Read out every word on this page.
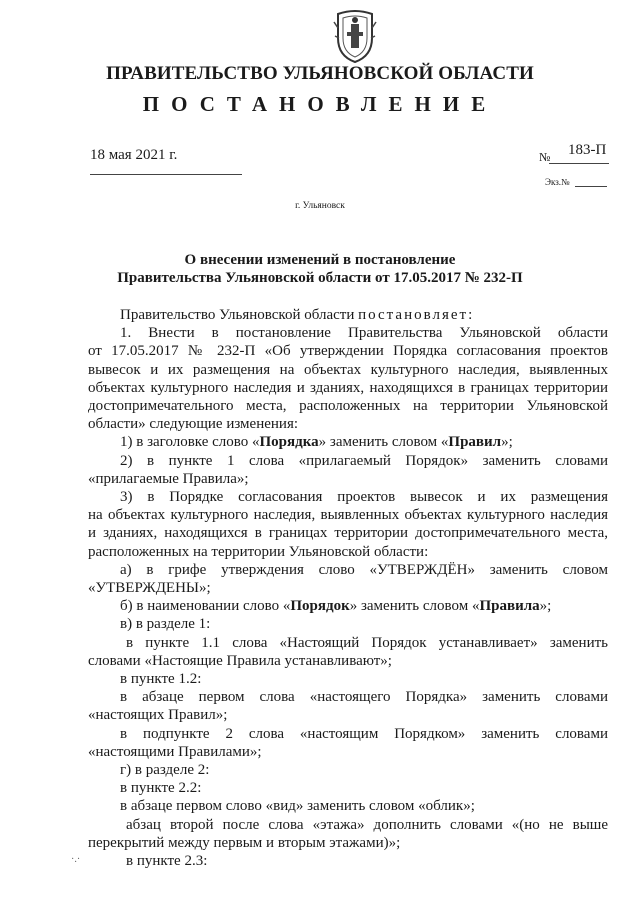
ПРАВИТЕЛЬСТВО УЛЬЯНОВСКОЙ ОБЛАСТИ
ПОСТАНОВЛЕНИЕ
18 мая 2021 г.	№ 183-П
Экз.№
г. Ульяновск
О внесении изменений в постановление
Правительства Ульяновской области от 17.05.2017 № 232-П
Правительство Ульяновской области постановляет:
1. Внести в постановление Правительства Ульяновской области
от 17.05.2017 № 232-П «Об утверждении Порядка согласования проектов
вывесок и их размещения на объектах культурного наследия, выявленных
объектах культурного наследия и зданиях, находящихся в границах территории
достопримечательного места, расположенных на территории Ульяновской
области» следующие изменения:
1) в заголовке слово «Порядка» заменить словом «Правил»;
2) в пункте 1 слова «прилагаемый Порядок» заменить словами
«прилагаемые Правила»;
3) в Порядке согласования проектов вывесок и их размещения
на объектах культурного наследия, выявленных объектах культурного наследия
и зданиях, находящихся в границах территории достопримечательного места,
расположенных на территории Ульяновской области:
а) в грифе утверждения слово «УТВЕРЖДЁН» заменить словом
«УТВЕРЖДЕНЫ»;
б) в наименовании слово «Порядок» заменить словом «Правила»;
в) в разделе 1:
в пункте 1.1 слова «Настоящий Порядок устанавливает» заменить
словами «Настоящие Правила устанавливают»;
в пункте 1.2:
в абзаце первом слова «настоящего Порядка» заменить словами
«настоящих Правил»;
в подпункте 2 слова «настоящим Порядком» заменить словами
«настоящими Правилами»;
г) в разделе 2:
в пункте 2.2:
в абзаце первом слово «вид» заменить словом «облик»;
абзац второй после слова «этажа» дополнить словами «(но не выше
перекрытий между первым и вторым этажами)»;
в пункте 2.3:
·.·
